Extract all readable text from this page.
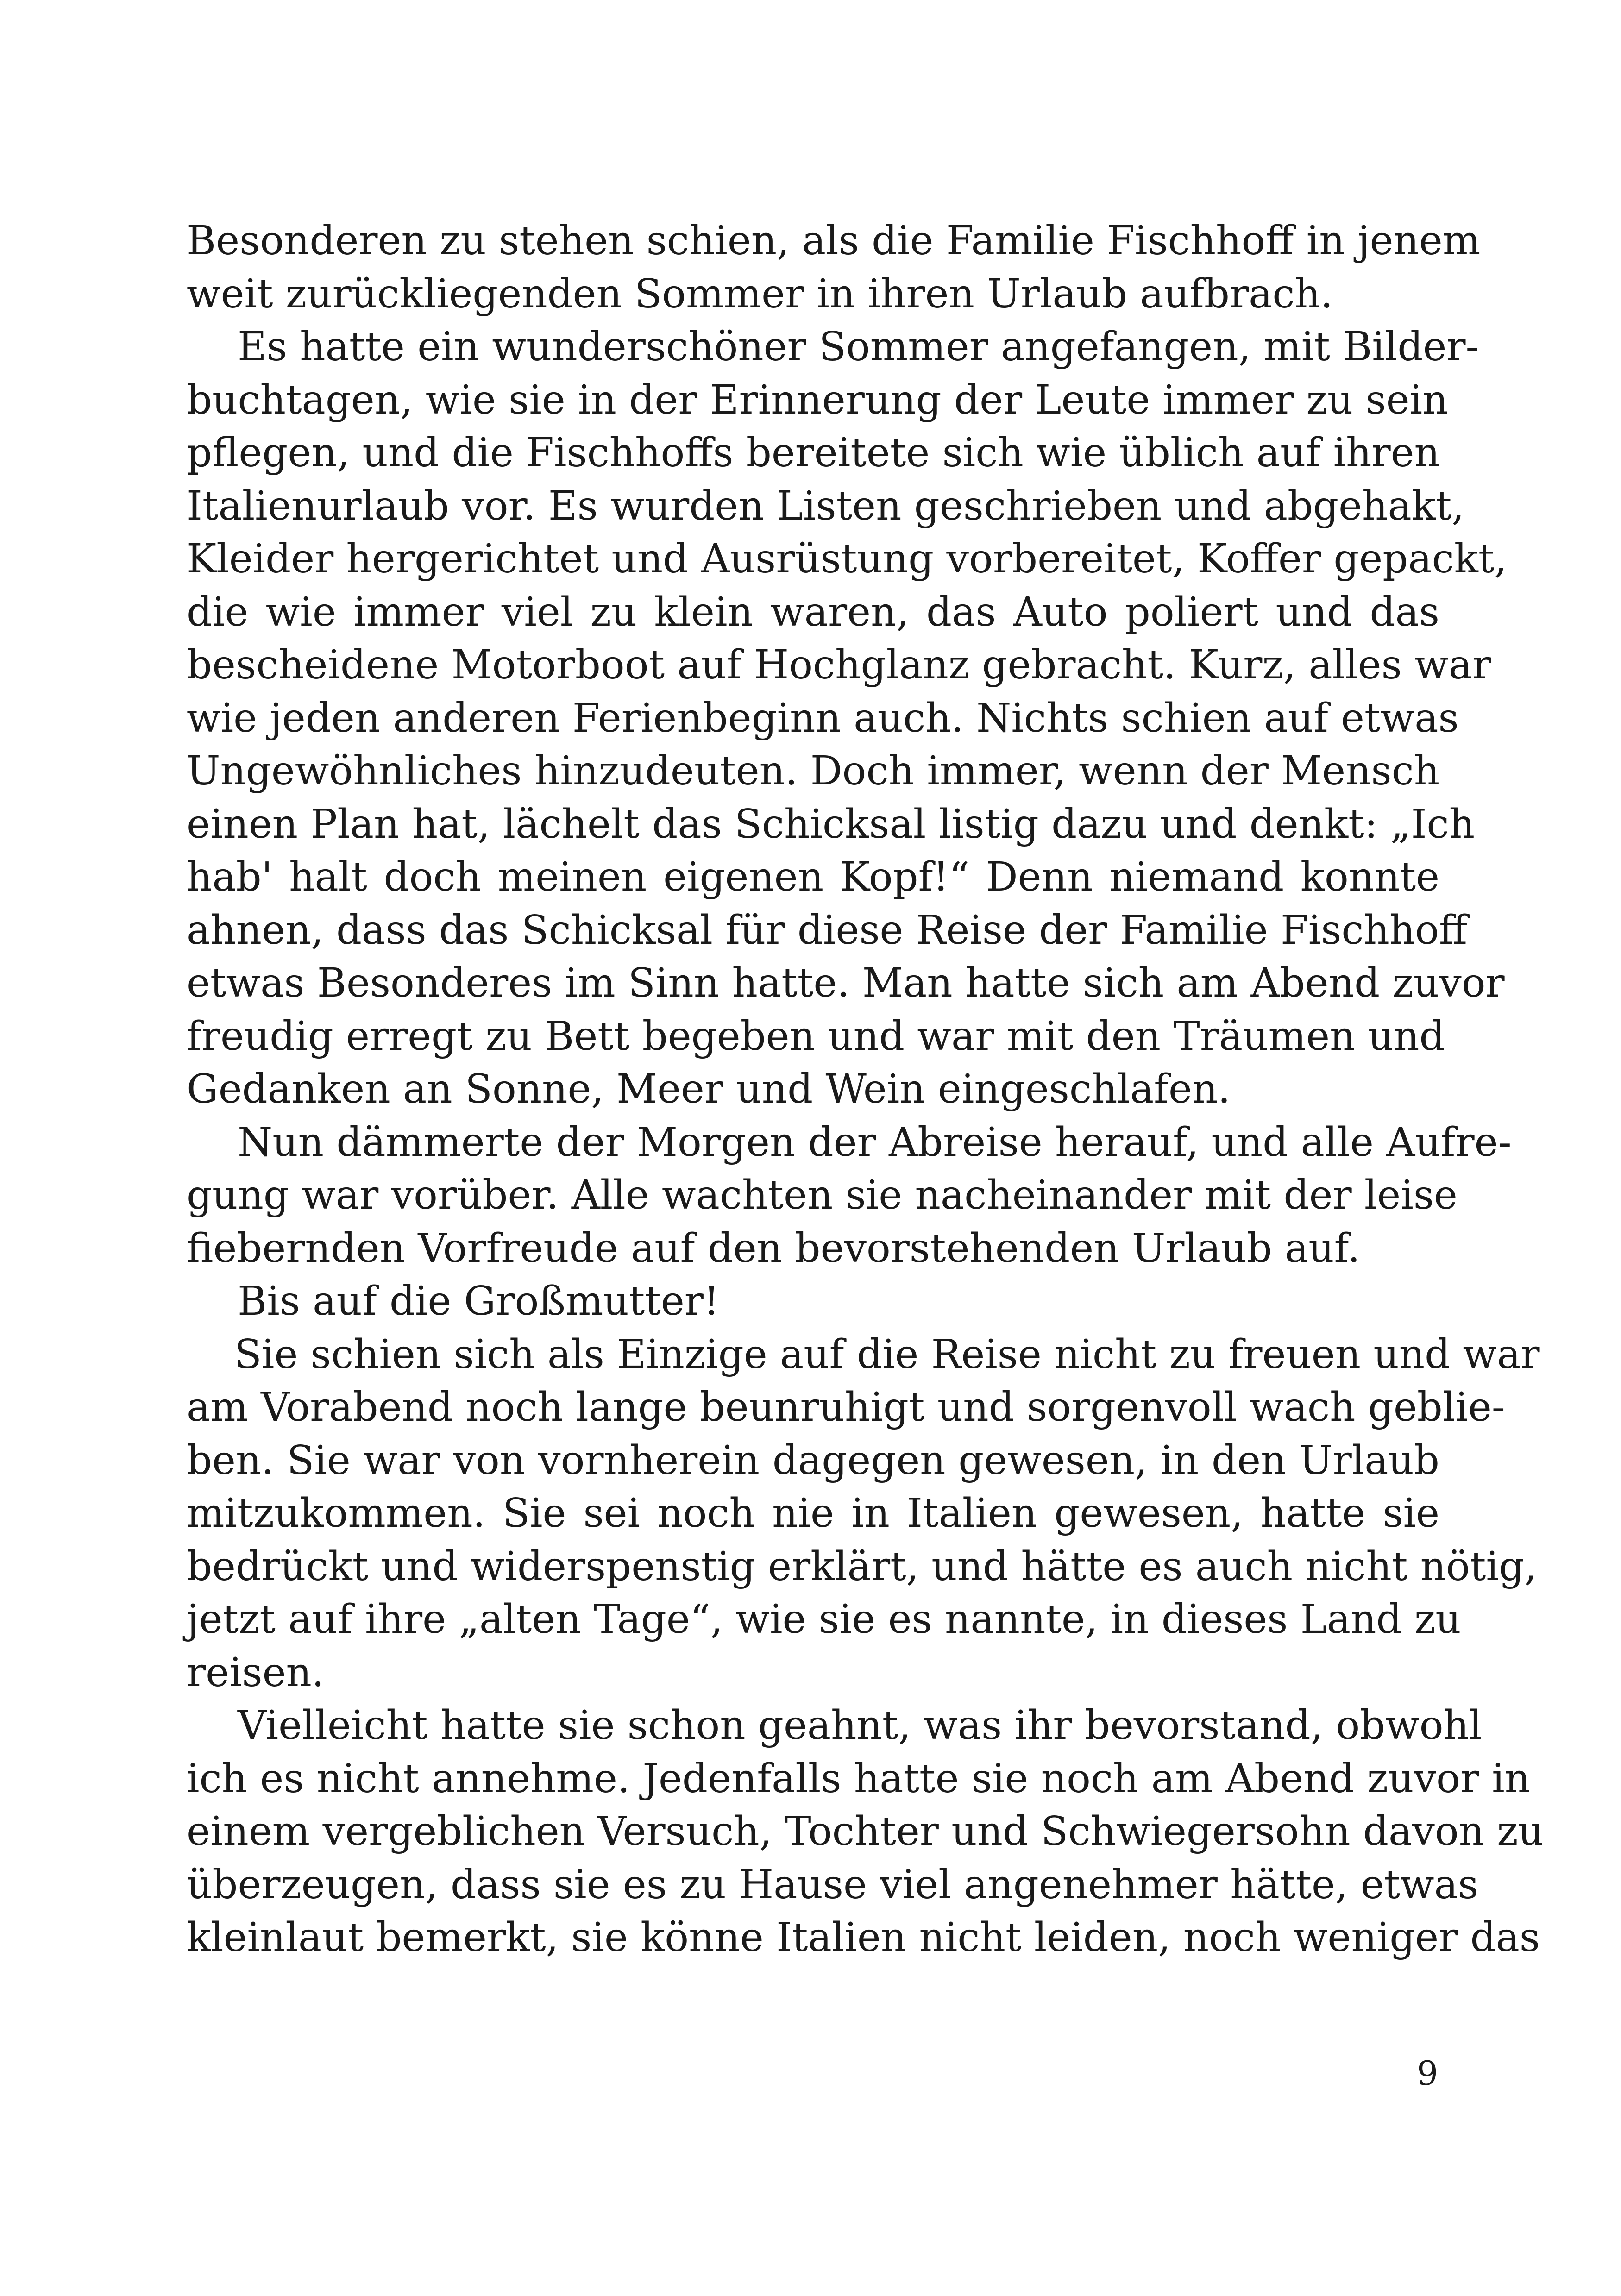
Besonderen zu stehen schien, als die Familie Fischhoff in jenem
weit zurückliegenden Sommer in ihren Urlaub aufbrach.
Es hatte ein wunderschöner Sommer angefangen, mit Bilder-
buchtagen, wie sie in der Erinnerung der Leute immer zu sein
pflegen, und die Fischhoffs bereitete sich wie üblich auf ihren
Italienurlaub vor. Es wurden Listen geschrieben und abgehakt,
Kleider hergerichtet und Ausrüstung vorbereitet, Koffer gepackt,
die wie immer viel zu klein waren, das Auto poliert und das
bescheidene Motorboot auf Hochglanz gebracht. Kurz, alles war
wie jeden anderen Ferienbeginn auch. Nichts schien auf etwas
Ungewöhnliches hinzudeuten. Doch immer, wenn der Mensch
einen Plan hat, lächelt das Schicksal listig dazu und denkt: „Ich
hab' halt doch meinen eigenen Kopf!“ Denn niemand konnte
ahnen, dass das Schicksal für diese Reise der Familie Fischhoff
etwas Besonderes im Sinn hatte. Man hatte sich am Abend zuvor
freudig erregt zu Bett begeben und war mit den Träumen und
Gedanken an Sonne, Meer und Wein eingeschlafen.
Nun dämmerte der Morgen der Abreise herauf, und alle Aufre-
gung war vorüber. Alle wachten sie nacheinander mit der leise
fiebernden Vorfreude auf den bevorstehenden Urlaub auf.
Bis auf die Großmutter!
Sie schien sich als Einzige auf die Reise nicht zu freuen und war
am Vorabend noch lange beunruhigt und sorgenvoll wach geblie-
ben. Sie war von vornherein dagegen gewesen, in den Urlaub
mitzukommen. Sie sei noch nie in Italien gewesen, hatte sie
bedrückt und widerspenstig erklärt, und hätte es auch nicht nötig,
jetzt auf ihre „alten Tage“, wie sie es nannte, in dieses Land zu
reisen.
Vielleicht hatte sie schon geahnt, was ihr bevorstand, obwohl
ich es nicht annehme. Jedenfalls hatte sie noch am Abend zuvor in
einem vergeblichen Versuch, Tochter und Schwiegersohn davon zu
überzeugen, dass sie es zu Hause viel angenehmer hätte, etwas
kleinlaut bemerkt, sie könne Italien nicht leiden, noch weniger das
9
